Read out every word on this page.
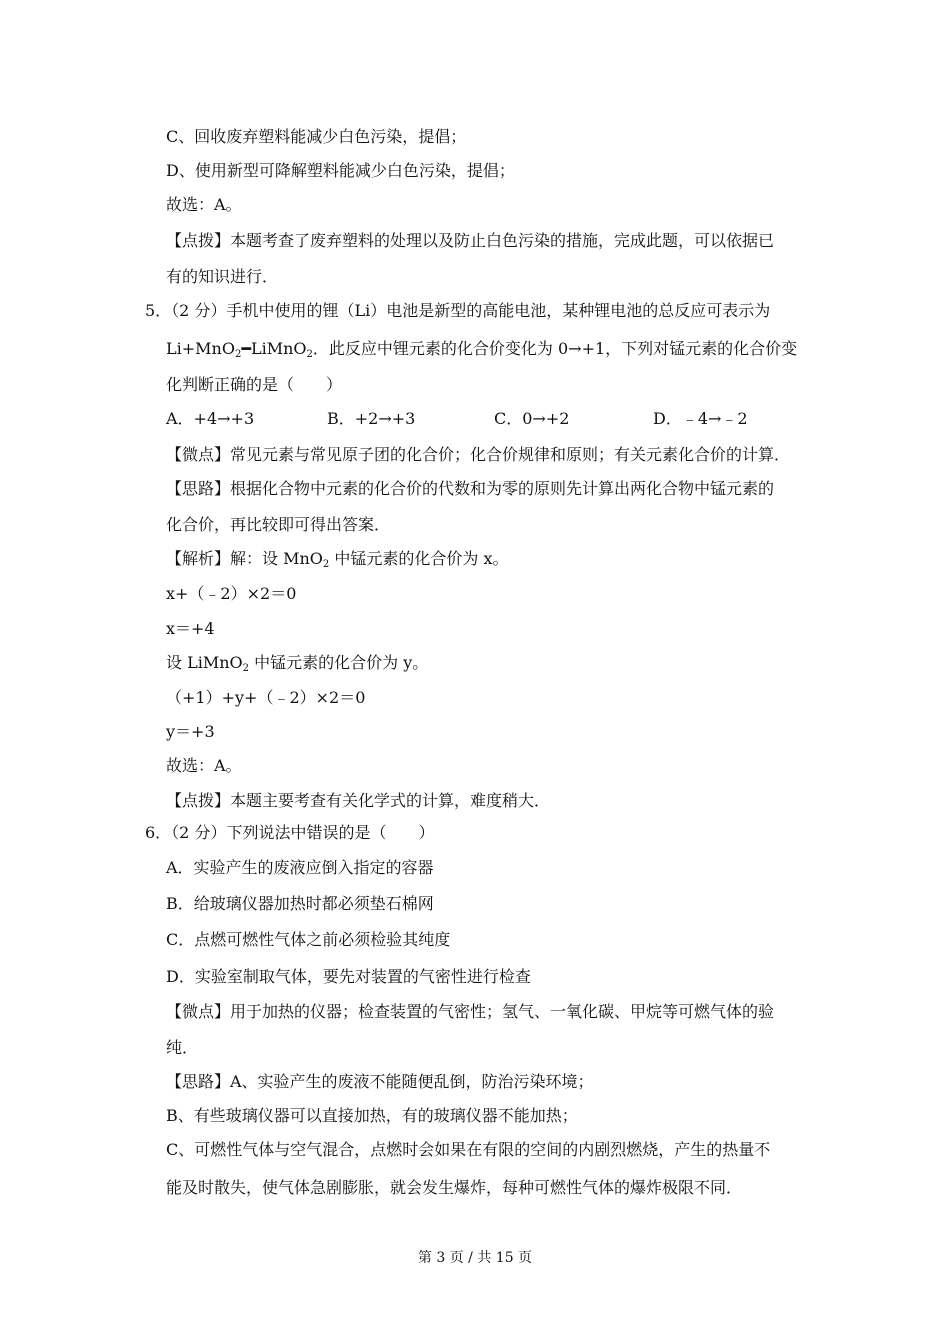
C、回收废弃塑料能减少白色污染，提倡；
D、使用新型可降解塑料能减少白色污染，提倡；
故选：A。
【点拨】本题考查了废弃塑料的处理以及防止白色污染的措施，完成此题，可以依据已
有的知识进行．
5．（2 分）手机中使用的锂（Li）电池是新型的高能电池，某种锂电池的总反应可表示为
Li+MnO$_2$━LiMnO$_2$．此反应中锂元素的化合价变化为 0→+1，下列对锰元素的化合价变
化判断正确的是（　　）
A．+4→+3	B．+2→+3	C．0→+2	D．﹣4→﹣2
【微点】常见元素与常见原子团的化合价；化合价规律和原则；有关元素化合价的计算．
【思路】根据化合物中元素的化合价的代数和为零的原则先计算出两化合物中锰元素的
化合价，再比较即可得出答案．
【解析】解：设 MnO$_2$ 中锰元素的化合价为 x。
x+（﹣2）×2＝0
x＝+4
设 LiMnO$_2$ 中锰元素的化合价为 y。
（+1）+y+（﹣2）×2＝0
y＝+3
故选：A。
【点拨】本题主要考查有关化学式的计算，难度稍大．
6．（2 分）下列说法中错误的是（　　）
A．实验产生的废液应倒入指定的容器
B．给玻璃仪器加热时都必须垫石棉网
C．点燃可燃性气体之前必须检验其纯度
D．实验室制取气体，要先对装置的气密性进行检查
【微点】用于加热的仪器；检查装置的气密性；氢气、一氧化碳、甲烷等可燃气体的验
纯．
【思路】A、实验产生的废液不能随便乱倒，防治污染环境；
B、有些玻璃仪器可以直接加热，有的玻璃仪器不能加热；
C、可燃性气体与空气混合，点燃时会如果在有限的空间的内剧烈燃烧，产生的热量不
能及时散失，使气体急剧膨胀，就会发生爆炸，每种可燃性气体的爆炸极限不同．
第 3 页 / 共 15 页
